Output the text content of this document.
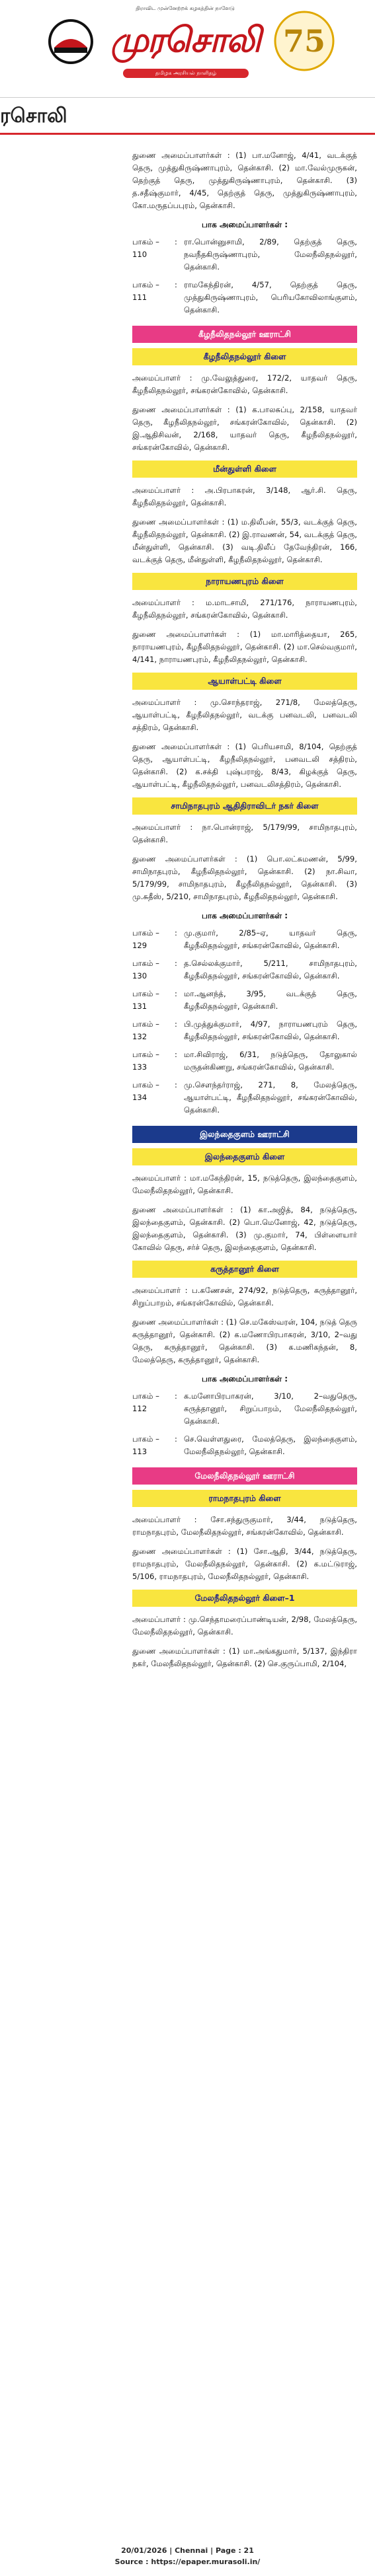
திராவிட முன்னேற்றக் கழகத்தின் நாளேடு
முரசொலி
தமிழக அரசியல் நாளிதழ்
75
ரசொலி

துணை அமைப்பாளர்கள் : (1) பா.மனோஜ், 4/41, வடக்குத் தெரு, முத்துகிருஷ்ணாபுரம், தென்காசி. (2) மா.வேல்முருகன், தெற்குத் தெரு, முத்துகிருஷ்ணாபுரம், தென்காசி. (3) த.சதீஷ்குமார், 4/45, தெற்குத் தெரு, முத்துகிருஷ்ணாபுரம், கோ.மருதப்பபுரம், தென்காசி.

பாக அமைப்பாளர்கள் :
பாகம் – 110
: ரா.பொன்னுசாமி, 2/89, தெற்குத் தெரு, நவநீதகிருஷ்ணாபுரம், மேலநீலிதநல்லூர், தென்காசி.
பாகம் – 111
: ராமகேந்திரன், 4/57, தெற்குத் தெரு, முத்துகிருஷ்ணாபுரம், பெரியகோவிலாங்குளம், தென்காசி.
கீழநீலிதநல்லூர் ஊராட்சி
கீழநீலிதநல்லூர் கிளை

அமைப்பாளர் : மு.வேலுத்துரை, 172/2, யாதவர் தெரு, கீழநீலிதநல்லூர், சங்கரன்கோவில், தென்காசி.

துணை அமைப்பாளர்கள் : (1) க.பாலசுப்பு, 2/158, யாதவர் தெரு, கீழநீலிதநல்லூர், சங்கரன்கோவில், தென்காசி. (2) இ.ஆதிசிவன், 2/168, யாதவர் தெரு, கீழநீலிதநல்லூர், சங்கரன்கோவில், தென்காசி.

மீன்துள்ளி கிளை

அமைப்பாளர் : அ.பிரபாகரன், 3/148, ஆர்.சி. தெரு, கீழநீலிதநல்லூர், தென்காசி.

துணை அமைப்பாளர்கள் : (1) ம.திலீபன், 55/3, வடக்குத் தெரு, கீழநீலிதநல்லூர், தென்காசி. (2) இ.ராவணன், 54, வடக்குத் தெரு, மீன்துள்ளி, தென்காசி. (3) வடி.திலீப் தேவேந்திரன், 166, வடக்குத் தெரு, மீன்துள்ளி, கீழநீலிதநல்லூர், தென்காசி.

நாராயணபுரம் கிளை

அமைப்பாளர் : ம.மாடசாமி, 271/176, நாராயணபுரம், கீழநீலிதநல்லூர், சங்கரன்கோவில், தென்காசி.

துணை அமைப்பாளர்கள் : (1) மா.மாரித்தையா, 265, நாராயணபுரம், கீழநீலிதநல்லூர், தென்காசி. (2) மா.செல்வகுமார், 4/141, நாராயணபுரம், கீழநீலிதநல்லூர், தென்காசி.

ஆயாள்பட்டி கிளை

அமைப்பாளர் : மு.சொந்தராஜ், 271/8, மேலத்தெரு, ஆயாள்பட்டி, கீழநீலிதநல்லூர், வடக்கு பனவடலி, பனவடலி சத்திரம், தென்காசி.

துணை அமைப்பாளர்கள் : (1) பெரியசாமி, 8/104, தெற்குத் தெரு, ஆயாள்பட்டி, கீழநீலிதநல்லூர், பனவடலி சத்திரம், தென்காசி. (2) க.சக்தி புஷ்பராஜ், 8/43, கிழக்குத் தெரு, ஆயாள்பட்டி, கீழநீலிதநல்லூர், பனவடலிசத்திரம், தென்காசி.

சாமிநாதபுரம் ஆதிதிராவிடர் நகர் கிளை

அமைப்பாளர் : நா.பொன்ராஜ், 5/179/99, சாமிநாதபுரம், தென்காசி.

துணை அமைப்பாளர்கள் : (1) பொ.லட்சுமணன், 5/99, சாமிநாதபுரம், கீழநீலிதநல்லூர், தென்காசி. (2) நா.சிவா, 5/179/99, சாமிநாதபுரம், கீழநீலிதநல்லூர், தென்காசி. (3) மு.சுதீஸ், 5/210, சாமிநாதபுரம், கீழநீலிதநல்லூர், தென்காசி.

பாக அமைப்பாளர்கள் :
பாகம் – 129
: மு.குமார், 2/85–ஏ, யாதவர் தெரு, கீழநீலிதநல்லூர், சங்கரன்கோவில், தென்காசி.
பாகம் – 130
: த.செல்லக்குமார், 5/211, சாமிநாதபுரம், கீழநீலிதநல்லூர், சங்கரன்கோவில், தென்காசி.
பாகம் – 131
: மா.ஆனந்த், 3/95, வடக்குத் தெரு, கீழநீலிதநல்லூர், தென்காசி.
பாகம் – 132
: பி.முத்துக்குமார், 4/97, நாராயணபுரம் தெரு, கீழநீலிதநல்லூர், சங்கரன்கோவில், தென்காசி.
பாகம் – 133
: மா.சிவிராஜ், 6/31, நடுத்தெரு, தோலுகால் மருதன்கிணறு, சங்கரன்கோவில், தென்காசி.
பாகம் – 134
: மு.சௌந்தர்ராஜ், 271, 8, மேலத்தெரு, ஆயாள்பட்டி, கீழநீலிதநல்லூர், சங்கரன்கோவில், தென்காசி.
இலந்தைகுளம் ஊராட்சி
இலந்தைகுளம் கிளை

அமைப்பாளர் : மா.மகேந்திரன், 15, நடுத்தெரு, இலந்தைகுளம், மேலநீலிதநல்லூர், தென்காசி.

துணை அமைப்பாளர்கள் : (1) கா.அஜித், 84, நடுத்தெரு, இலந்தைகுளம், தென்காசி. (2) பொ.மெனோஜ், 42, நடுத்தெரு, இலந்தைகுளம், தென்காசி. (3) மு.குமார், 74, பிள்ளையார் கோவில் தெரு, சர்ச் தெரு, இலந்தைகுளம், தென்காசி.

கருத்தானூர் கிளை

அமைப்பாளர் : ப.கணேசன், 274/92, நடுத்தெரு, கருத்தானூர், சிறுப்பாறம், சங்கரன்கோவில், தென்காசி.

துணை அமைப்பாளர்கள் : (1) செ.மகேஸ்வரன், 104, நடுத் தெரு கருத்தானூர், தென்காசி. (2) க.மணோபிரபாகரன், 3/10, 2–வது தெரு, கருத்தானூர், தென்காசி. (3) க.மணிகந்தன், 8, மேலத்தெரு, கருத்தானூர், தென்காசி.

பாக அமைப்பாளர்கள் :
பாகம் – 112
: க.மனோபிரபாகரன், 3/10, 2–வதுதெரு, கருத்தானூர், சிறுப்பாறம், மேலநீலிதநல்லூர், தென்காசி.
பாகம் – 113
: செ.வெள்ளதுரை, மேலத்தெரு, இலந்தைகுளம், மேலநீலிதநல்லூர், தென்காசி.
மேலநீலிதநல்லூர் ஊராட்சி
ராமநாதபுரம் கிளை

அமைப்பாளர் : சோ.சந்துருகுமார், 3/44, நடுத்தெரு, ராமநாதபுரம், மேலநீலிதநல்லூர், சங்கரன்கோவில், தென்காசி.

துணை அமைப்பாளர்கள் : (1) சோ.ஆதி, 3/44, நடுத்தெரு, ராமநாதபுரம், மேலநீலிதநல்லூர், தென்காசி. (2) க.மட்டுராஜ், 5/106, ராமநாதபுரம், மேலநீலிதநல்லூர், தென்காசி.

மேலநீலிதநல்லூர் கிளை–1

அமைப்பாளர் : மு.செந்தாமரைப்பாண்டியன், 2/98, மேலத்தெரு, மேலநீலிதநல்லூர், தென்காசி.

துணை அமைப்பாளர்கள் : (1) மா.அங்கதுமார், 5/137, இந்திரா நகர், மேலநீலிதநல்லூர், தென்காசி. (2) செ.குருப்பாமி, 2/104,

20/01/2026 | Chennai | Page : 21
Source : https://epaper.murasoli.in/
